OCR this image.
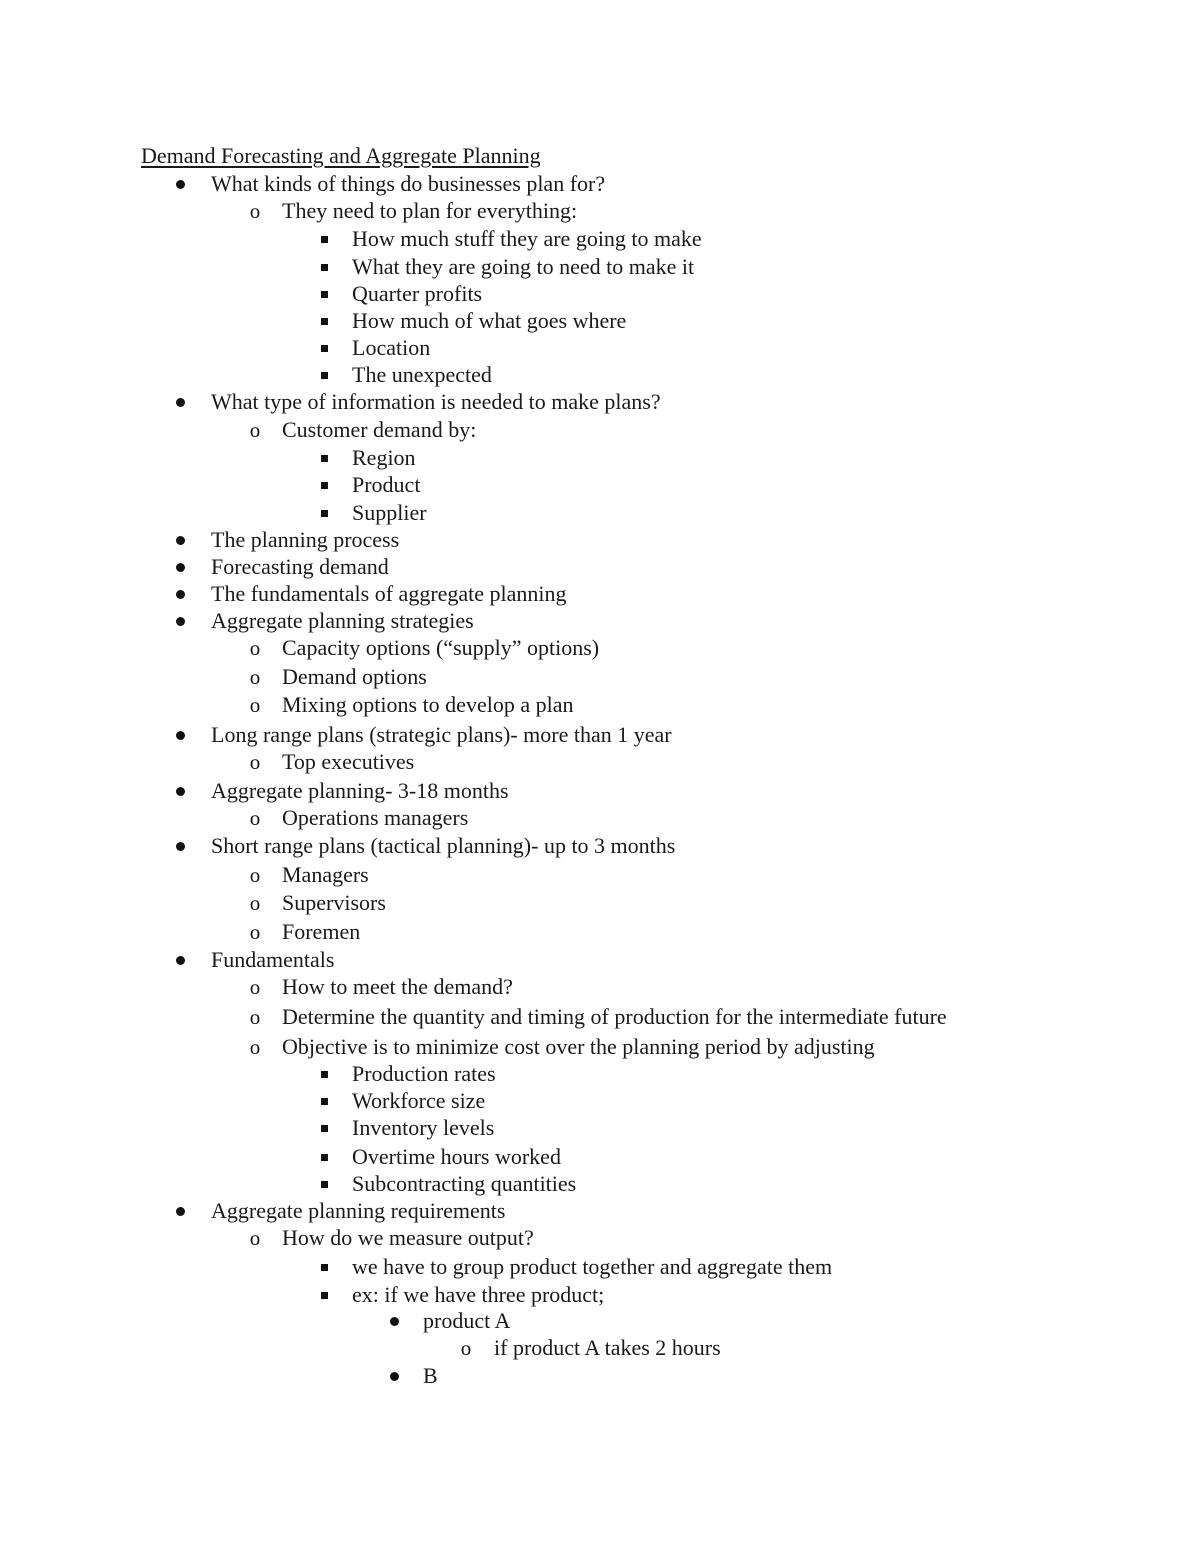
Demand Forecasting and Aggregate Planning
What kinds of things do businesses plan for?
o
They need to plan for everything:
How much stuff they are going to make
What they are going to need to make it
Quarter profits
How much of what goes where
Location
The unexpected
What type of information is needed to make plans?
o
Customer demand by:
Region
Product
Supplier
The planning process
Forecasting demand
The fundamentals of aggregate planning
Aggregate planning strategies
o
Capacity options (“supply” options)
o
Demand options
o
Mixing options to develop a plan
Long range plans (strategic plans)- more than 1 year
o
Top executives
Aggregate planning- 3-18 months
o
Operations managers
Short range plans (tactical planning)- up to 3 months
o
Managers
o
Supervisors
o
Foremen
Fundamentals
o
How to meet the demand?
o
Determine the quantity and timing of production for the intermediate future
o
Objective is to minimize cost over the planning period by adjusting
Production rates
Workforce size
Inventory levels
Overtime hours worked
Subcontracting quantities
Aggregate planning requirements
o
How do we measure output?
we have to group product together and aggregate them
ex: if we have three product;
product A
o
if product A takes 2 hours
B
